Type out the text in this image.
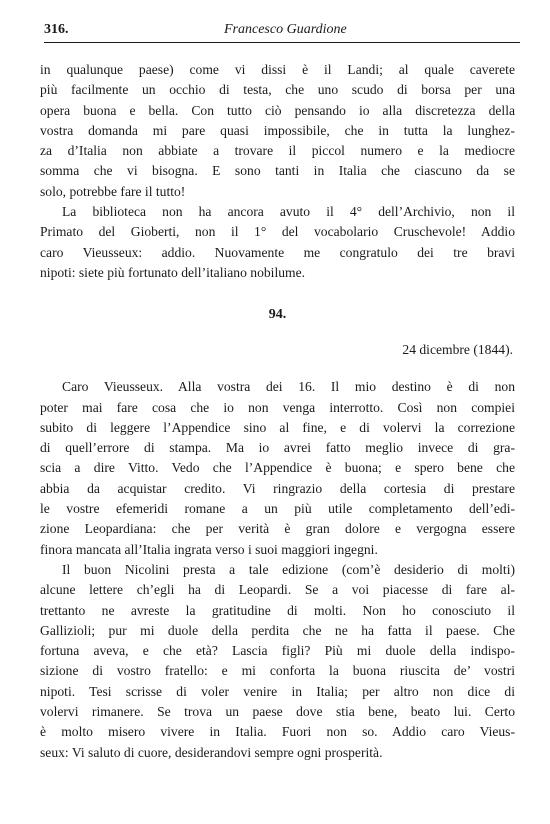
316.	Francesco Guardione
in qualunque paese) come vi dissi è il Landi; al quale caverete
più facilmente un occhio di testa, che uno scudo di borsa per una
opera buona e bella. Con tutto ciò pensando io alla discretezza della
vostra domanda mi pare quasi impossibile, che in tutta la lunghez-
za d’Italia non abbiate a trovare il piccol numero e la mediocre
somma che vi bisogna. E sono tanti in Italia che ciascuno da se
solo, potrebbe fare il tutto!
La biblioteca non ha ancora avuto il 4° dell’Archivio, non il
Primato del Gioberti, non il 1° del vocabolario Cruschevole! Addio
caro Vieusseux: addio. Nuovamente me congratulo dei tre bravi
nipoti: siete più fortunato dell’italiano nobilume.
94.
24 dicembre (1844).
Caro Vieusseux. Alla vostra dei 16. Il mio destino è di non
poter mai fare cosa che io non venga interrotto. Così non compiei
subito di leggere l’Appendice sino al fine, e di volervi la correzione
di quell’errore di stampa. Ma io avrei fatto meglio invece di gra-
scia a dire Vitto. Vedo che l’Appendice è buona; e spero bene che
abbia da acquistar credito. Vi ringrazio della cortesia di prestare
le vostre efemeridi romane a un più utile completamento dell’edi-
zione Leopardiana: che per verità è gran dolore e vergogna essere
finora mancata all’Italia ingrata verso i suoi maggiori ingegni.
Il buon Nicolini presta a tale edizione (com’è desiderio di molti)
alcune lettere ch’egli ha di Leopardi. Se a voi piacesse di fare al-
trettanto ne avreste la gratitudine di molti. Non ho conosciuto il
Gallizioli; pur mi duole della perdita che ne ha fatta il paese. Che
fortuna aveva, e che età? Lascia figli? Più mi duole della indispo-
sizione di vostro fratello: e mi conforta la buona riuscita de’ vostri
nipoti. Tesi scrisse di voler venire in Italia; per altro non dice di
volervi rimanere. Se trova un paese dove stia bene, beato lui. Certo
è molto misero vivere in Italia. Fuori non so. Addio caro Vieus-
seux: Vi saluto di cuore, desiderandovi sempre ogni prosperità.
